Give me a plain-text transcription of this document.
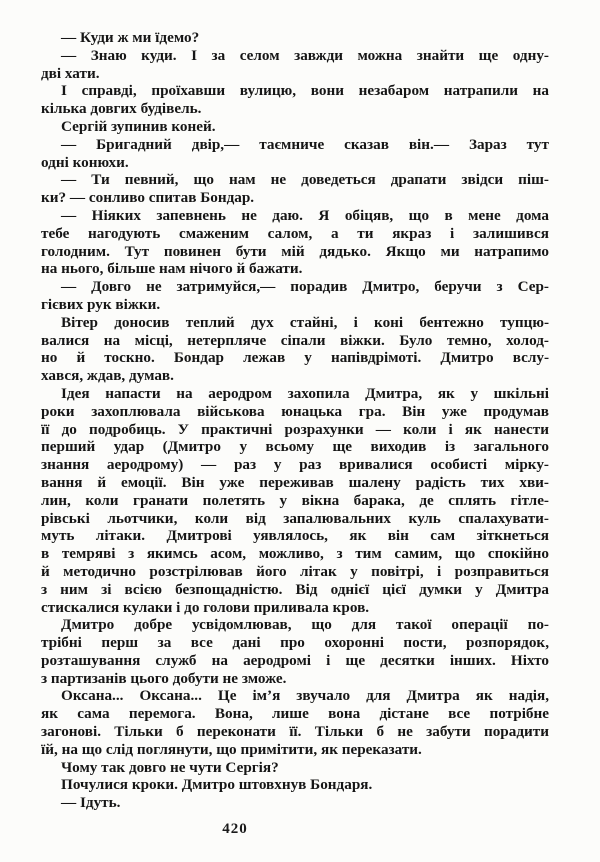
— Куди ж ми їдемо?
— Знаю куди. І за селом завжди можна знайти ще одну-
дві хати.
І справді, проїхавши вулицю, вони незабаром натрапили на
кілька довгих будівель.
Сергій зупинив коней.
— Бригадний двір,— таємниче сказав він.— Зараз тут
одні конюхи.
— Ти певний, що нам не доведеться драпати звідси піш-
ки? — сонливо спитав Бондар.
— Ніяких запевнень не даю. Я обіцяв, що в мене дома
тебе нагодують смаженим салом, а ти якраз і залишився
голодним. Тут повинен бути мій дядько. Якщо ми натрапимо
на нього, більше нам нічого й бажати.
— Довго не затримуйся,— порадив Дмитро, беручи з Сер-
гієвих рук віжки.
Вітер доносив теплий дух стайні, і коні бентежно тупцю-
валися на місці, нетерпляче сіпали віжки. Було темно, холод-
но й тоскно. Бондар лежав у напівдрімоті. Дмитро вслу-
хався, ждав, думав.
Ідея напасти на аеродром захопила Дмитра, як у шкільні
роки захоплювала військова юнацька гра. Він уже продумав
її до подробиць. У практичні розрахунки — коли і як нанести
перший удар (Дмитро у всьому ще виходив із загального
знання аеродрому) — раз у раз вривалися особисті мірку-
вання й емоції. Він уже переживав шалену радість тих хви-
лин, коли гранати полетять у вікна барака, де сплять гітле-
рівські льотчики, коли від запалювальних куль спалахувати-
муть літаки. Дмитрові уявлялось, як він сам зіткнеться
в темряві з якимсь асом, можливо, з тим самим, що спокійно
й методично розстрілював його літак у повітрі, і розправиться
з ним зі всією безпощадністю. Від однієї цієї думки у Дмитра
стискалися кулаки і до голови приливала кров.
Дмитро добре усвідомлював, що для такої операції по-
трібні перш за все дані про охоронні пости, розпорядок,
розташування служб на аеродромі і ще десятки інших. Ніхто
з партизанів цього добути не зможе.
Оксана... Оксана... Це ім’я звучало для Дмитра як надія,
як сама перемога. Вона, лише вона дістане все потрібне
загонові. Тільки б переконати її. Тільки б не забути порадити
їй, на що слід поглянути, що примітити, як переказати.
Чому так довго не чути Сергія?
Почулися кроки. Дмитро штовхнув Бондаря.
— Ідуть.
420
